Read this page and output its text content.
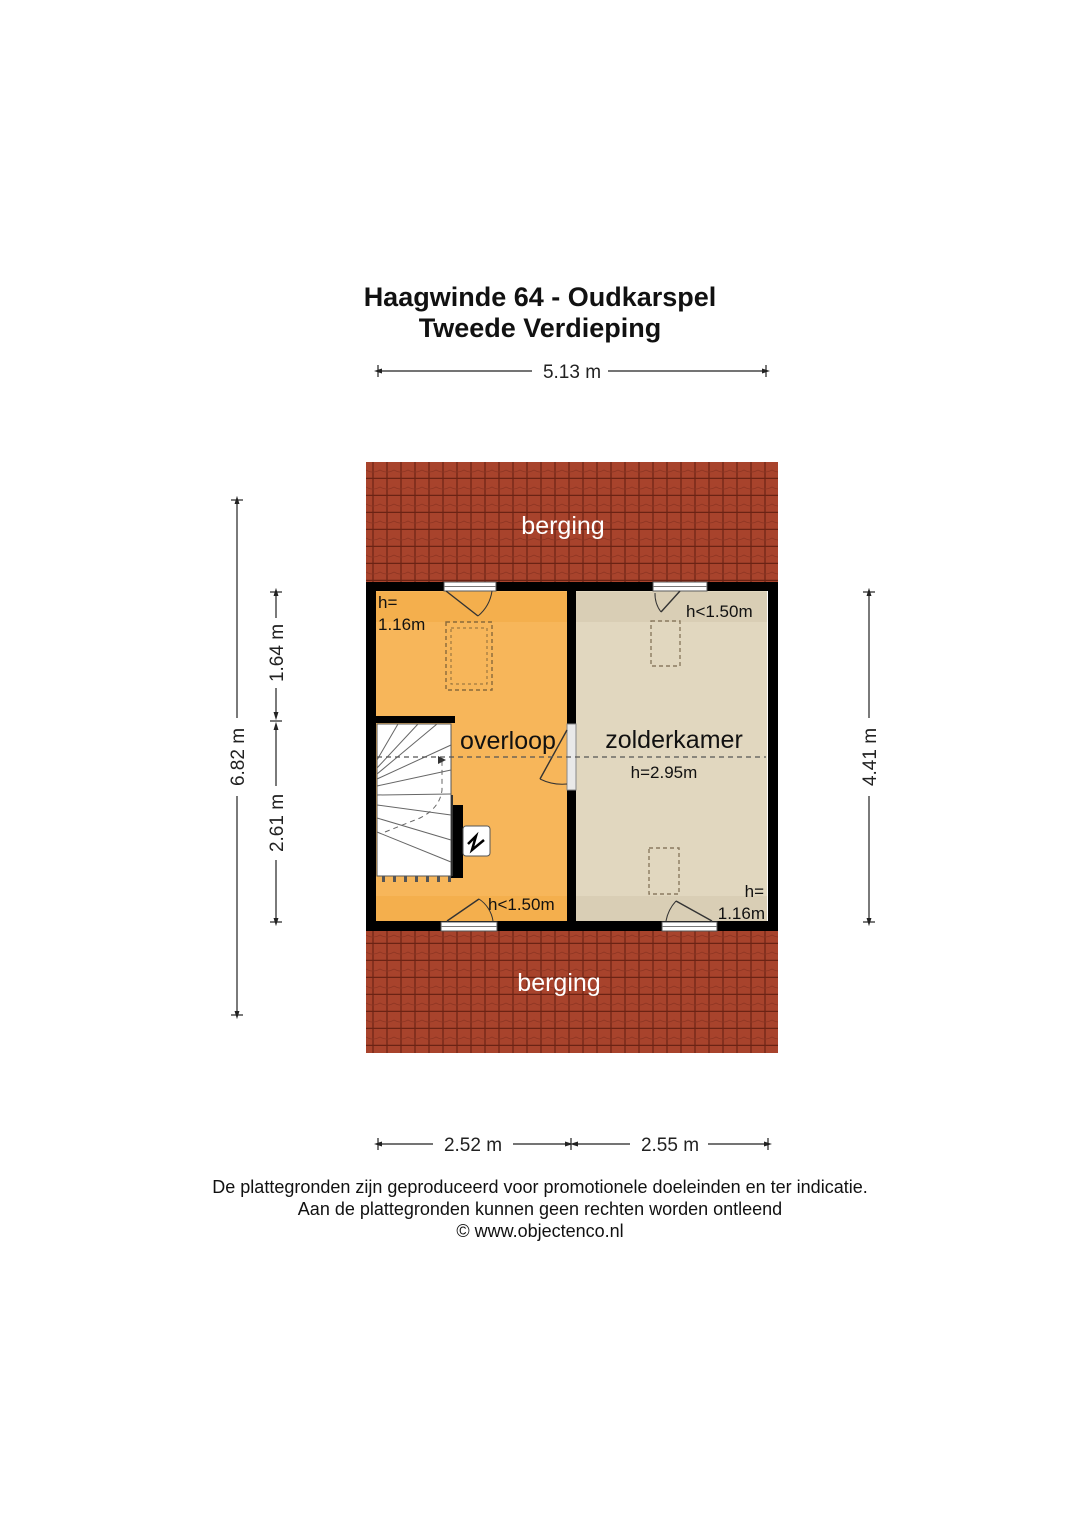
Haagwinde 64 - Oudkarspel
Tweede Verdieping
5.13 m
6.82 m
1.64 m
2.61 m
4.41 m
2.52 m	2.55 m
berging
berging
overloop zolderkamer
h=
1.16m
h<1.50m
h=2.95m
h<1.50m
h=
1.16m
De plattegronden zijn geproduceerd voor promotionele doeleinden en ter indicatie.
Aan de plattegronden kunnen geen rechten worden ontleend
© www.objectenco.nl
